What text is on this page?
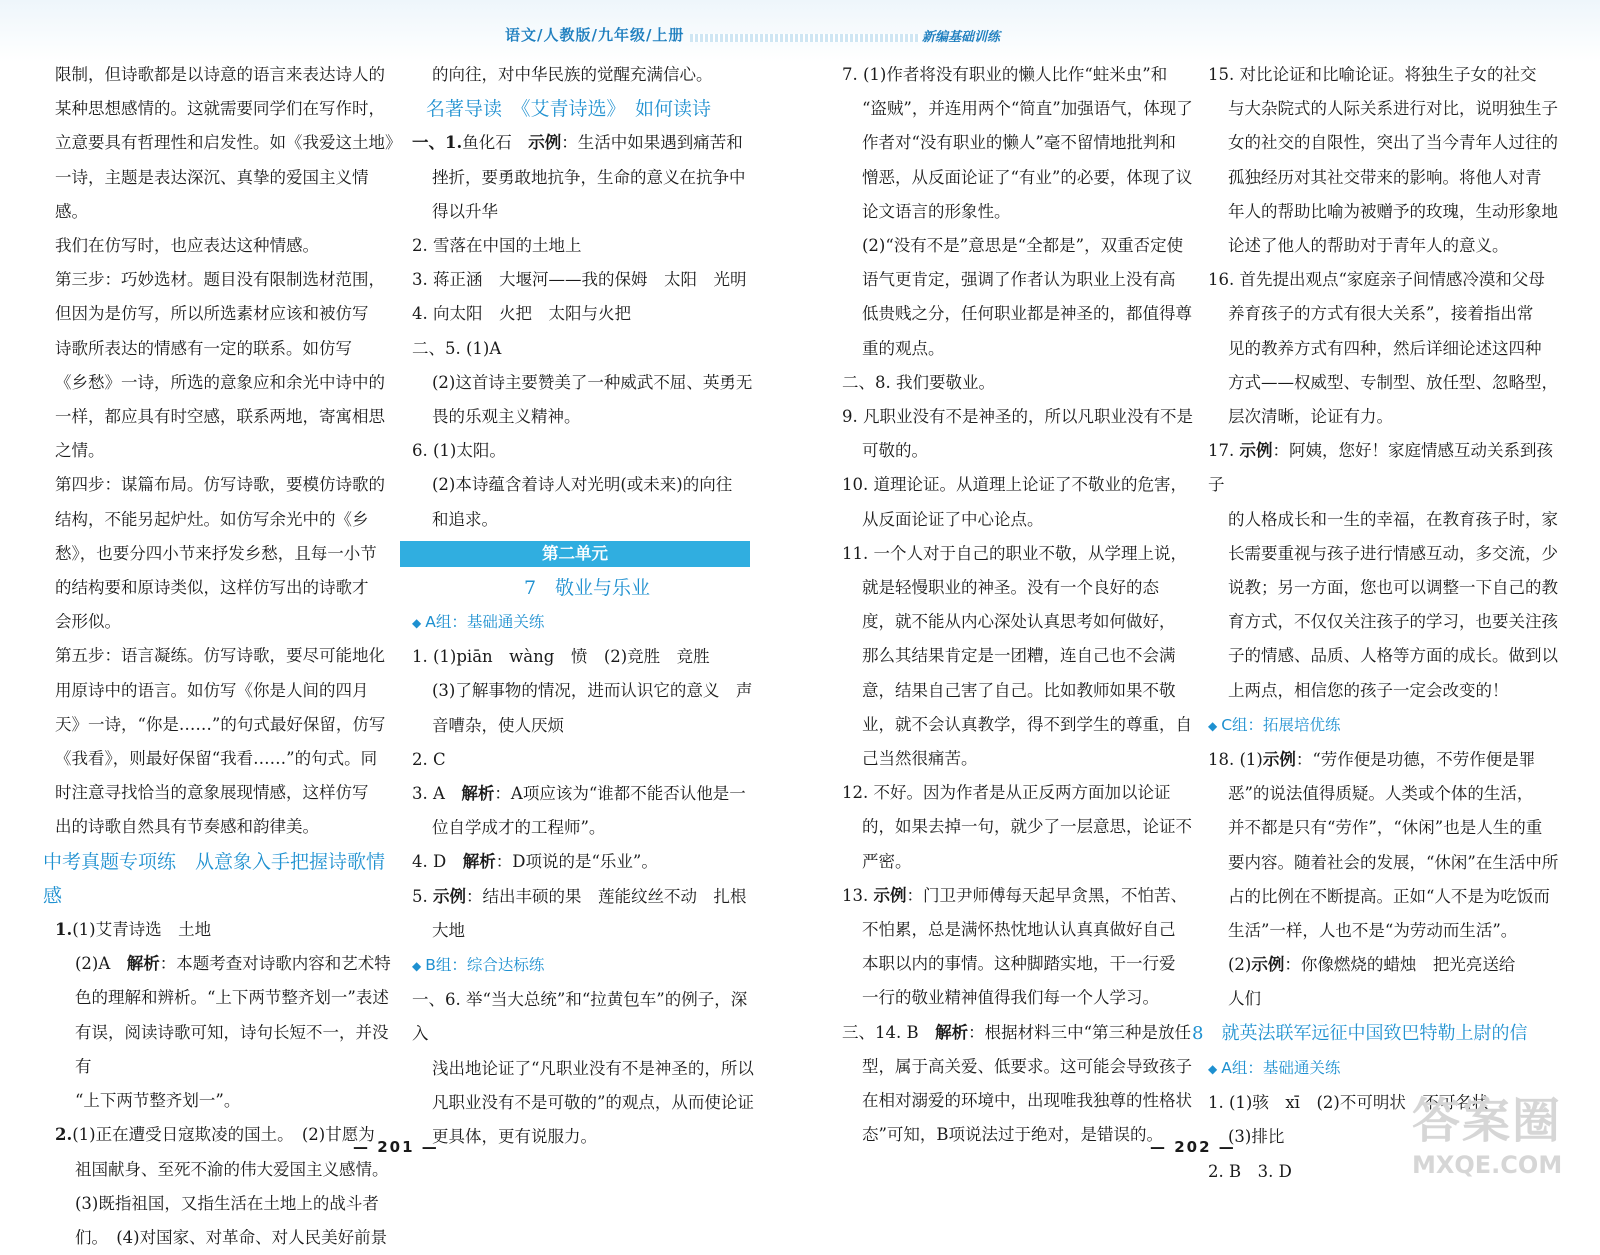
语文/人教版/九年级/上册	新编基础训练

限制，但诗歌都是以诗意的语言来表达诗人的

某种思想感情的。这就需要同学们在写作时，

立意要具有哲理性和启发性。如《我爱这土地》

一诗，主题是表达深沉、真挚的爱国主义情感。

我们在仿写时，也应表达这种情感。

第三步：巧妙选材。题目没有限制选材范围，

但因为是仿写，所以所选素材应该和被仿写

诗歌所表达的情感有一定的联系。如仿写

《乡愁》一诗，所选的意象应和余光中诗中的

一样，都应具有时空感，联系两地，寄寓相思

之情。

第四步：谋篇布局。仿写诗歌，要模仿诗歌的

结构，不能另起炉灶。如仿写余光中的《乡

愁》，也要分四小节来抒发乡愁，且每一小节

的结构要和原诗类似，这样仿写出的诗歌才

会形似。

第五步：语言凝练。仿写诗歌，要尽可能地化

用原诗中的语言。如仿写《你是人间的四月

天》一诗，“你是……”的句式最好保留，仿写

《我看》，则最好保留“我看……”的句式。同

时注意寻找恰当的意象展现情感，这样仿写

出的诗歌自然具有节奏感和韵律美。

中考真题专项练　从意象入手把握诗歌情感

1.(1)艾青诗选　土地

(2)A　解析：本题考查对诗歌内容和艺术特

色的理解和辨析。“上下两节整齐划一”表述

有误，阅读诗歌可知，诗句长短不一，并没有

“上下两节整齐划一”。

2.(1)正在遭受日寇欺凌的国土。　(2)甘愿为

祖国献身、至死不渝的伟大爱国主义感情。

(3)既指祖国，又指生活在土地上的战斗者

们。　(4)对国家、对革命、对人民美好前景

的向往，对中华民族的觉醒充满信心。

名著导读　《艾青诗选》　如何读诗

一、1.鱼化石　示例：生活中如果遇到痛苦和

挫折，要勇敢地抗争，生命的意义在抗争中

得以升华

2. 雪落在中国的土地上

3. 蒋正涵　大堰河——我的保姆　太阳　光明

4. 向太阳　火把　太阳与火把

二、5. (1)A

(2)这首诗主要赞美了一种威武不屈、英勇无

畏的乐观主义精神。

6. (1)太阳。

(2)本诗蕴含着诗人对光明(或未来)的向往

和追求。

第二单元

7　敬业与乐业

◆ A组：基础通关练

1. (1)piān　wàng　愤　(2)竞胜　竞胜

(3)了解事物的情况，进而认识它的意义　声

音嘈杂，使人厌烦

2. C

3. A　解析：A项应该为“谁都不能否认他是一

位自学成才的工程师”。

4. D　解析：D项说的是“乐业”。

5. 示例：结出丰硕的果　莲能纹丝不动　扎根

大地

◆ B组：综合达标练

一、6. 举“当大总统”和“拉黄包车”的例子，深入

浅出地论证了“凡职业没有不是神圣的，所以

凡职业没有不是可敬的”的观点，从而使论证

更具体，更有说服力。

— 201 —

7. (1)作者将没有职业的懒人比作“蛀米虫”和

“盗贼”，并连用两个“简直”加强语气，体现了

作者对“没有职业的懒人”毫不留情地批判和

憎恶，从反面论证了“有业”的必要，体现了议

论文语言的形象性。

(2)“没有不是”意思是“全都是”，双重否定使

语气更肯定，强调了作者认为职业上没有高

低贵贱之分，任何职业都是神圣的，都值得尊

重的观点。

二、8. 我们要敬业。

9. 凡职业没有不是神圣的，所以凡职业没有不是

可敬的。

10. 道理论证。从道理上论证了不敬业的危害，

从反面论证了中心论点。

11. 一个人对于自己的职业不敬，从学理上说，

就是轻慢职业的神圣。没有一个良好的态

度，就不能从内心深处认真思考如何做好，

那么其结果肯定是一团糟，连自己也不会满

意，结果自己害了自己。比如教师如果不敬

业，就不会认真教学，得不到学生的尊重，自

己当然很痛苦。

12. 不好。因为作者是从正反两方面加以论证

的，如果去掉一句，就少了一层意思，论证不

严密。

13. 示例：门卫尹师傅每天起早贪黑，不怕苦、

不怕累，总是满怀热忱地认认真真做好自己

本职以内的事情。这种脚踏实地，干一行爱

一行的敬业精神值得我们每一个人学习。

三、14. B　解析：根据材料三中“第三种是放任

型，属于高关爱、低要求。这可能会导致孩子

在相对溺爱的环境中，出现唯我独尊的性格状

态”可知，B项说法过于绝对，是错误的。

15. 对比论证和比喻论证。将独生子女的社交

与大杂院式的人际关系进行对比，说明独生子

女的社交的自限性，突出了当今青年人过往的

孤独经历对其社交带来的影响。将他人对青

年人的帮助比喻为被赠予的玫瑰，生动形象地

论述了他人的帮助对于青年人的意义。

16. 首先提出观点“家庭亲子间情感冷漠和父母

养育孩子的方式有很大关系”，接着指出常

见的教养方式有四种，然后详细论述这四种

方式——权威型、专制型、放任型、忽略型，

层次清晰，论证有力。

17. 示例：阿姨，您好！家庭情感互动关系到孩子

的人格成长和一生的幸福，在教育孩子时，家

长需要重视与孩子进行情感互动，多交流，少

说教；另一方面，您也可以调整一下自己的教

育方式，不仅仅关注孩子的学习，也要关注孩

子的情感、品质、人格等方面的成长。做到以

上两点，相信您的孩子一定会改变的！

◆ C组：拓展培优练

18. (1)示例：“劳作便是功德，不劳作便是罪

恶”的说法值得质疑。人类或个体的生活，

并不都是只有“劳作”，“休闲”也是人生的重

要内容。随着社会的发展，“休闲”在生活中所

占的比例在不断提高。正如“人不是为吃饭而

生活”一样，人也不是“为劳动而生活”。

(2)示例：你像燃烧的蜡烛　把光亮送给

人们

8　就英法联军远征中国致巴特勒上尉的信

◆ A组：基础通关练

1. (1)骇　xī　(2)不可明状　不可名状

(3)排比

2. B　3. D

— 202 —	答案圈
MXQE.COM
